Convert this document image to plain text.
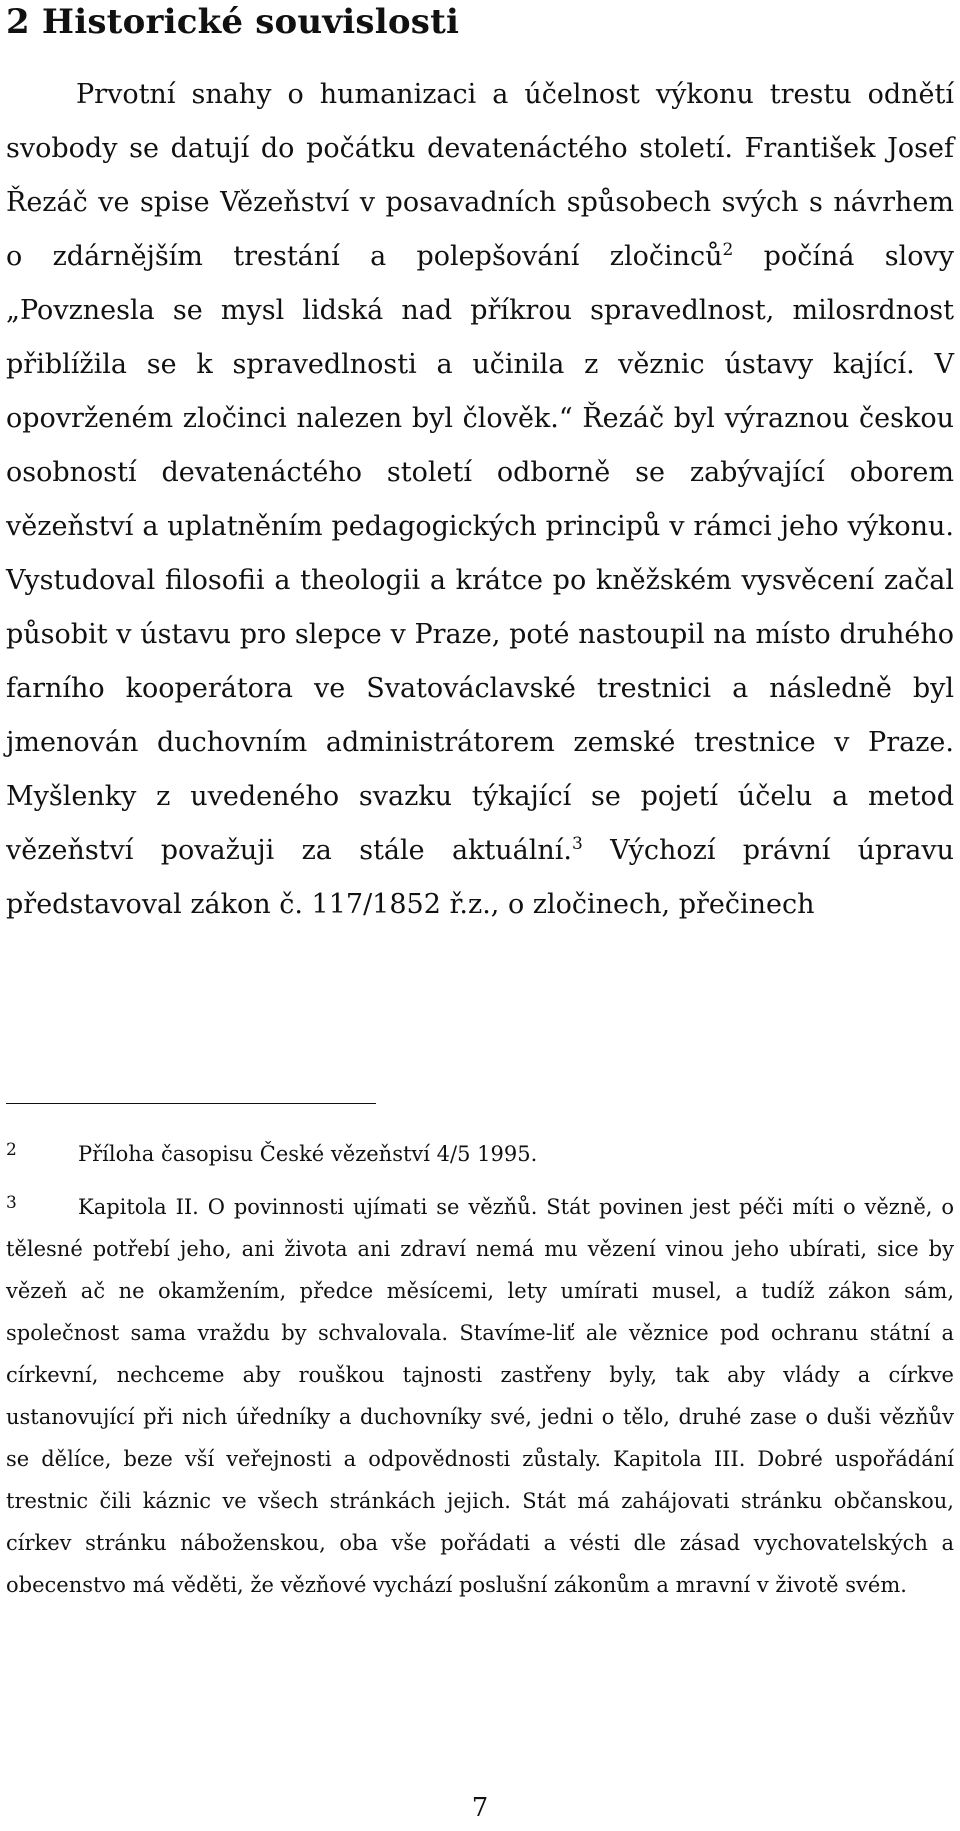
2 Historické souvislosti

Prvotní snahy o humanizaci a účelnost výkonu trestu odnětí svobody se datují do počátku devatenáctého století. František Josef Řezáč ve spise Vězeňství v posavadních spůsobech svých s návrhem o zdárnějším trestání a polepšování zločinců$^2$ počíná slovy „Povznesla se mysl lidská nad příkrou spravedlnost, milosrdnost přiblížila se k spravedlnosti a učinila z věznic ústavy kající. V opovrženém zločinci nalezen byl člověk.“ Řezáč byl výraznou českou osobností devatenáctého století odborně se zabývající oborem vězeňství a uplatněním pedagogických principů v rámci jeho výkonu. Vystudoval filosofii a theologii a krátce po kněžském vysvěcení začal působit v ústavu pro slepce v Praze, poté nastoupil na místo druhého farního kooperátora ve Svatováclavské trestnici a následně byl jmenován duchovním administrátorem zemské trestnice v Praze. Myšlenky z uvedeného svazku týkající se pojetí účelu a metod vězeňství považuji za stále aktuální.$^3$ Výchozí právní úpravu představoval zákon č. 117/1852 ř.z., o zločinech, přečinech

2	Příloha časopisu České vězeňství 4/5 1995.

3	Kapitola II. O povinnosti ujímati se vězňů. Stát povinen jest péči míti o vězně, o tělesné potřebí jeho, ani života ani zdraví nemá mu vězení vinou jeho ubírati, sice by vězeň ač ne okamžením, předce měsícemi, lety umírati musel, a tudíž zákon sám, společnost sama vraždu by schvalovala. Stavíme-liť ale věznice pod ochranu státní a církevní, nechceme aby rouškou tajnosti zastřeny byly, tak aby vlády a církve ustanovující při nich úředníky a duchovníky své, jedni o tělo, druhé zase o duši vězňův se dělíce, beze vší veřejnosti a odpovědnosti zůstaly. Kapitola III. Dobré uspořádání trestnic čili káznic ve všech stránkách jejich. Stát má zahájovati stránku občanskou, církev stránku náboženskou, oba vše pořádati a vésti dle zásad vychovatelských a obecenstvo má věděti, že vězňové vychází poslušní zákonům a mravní v životě svém.

7
